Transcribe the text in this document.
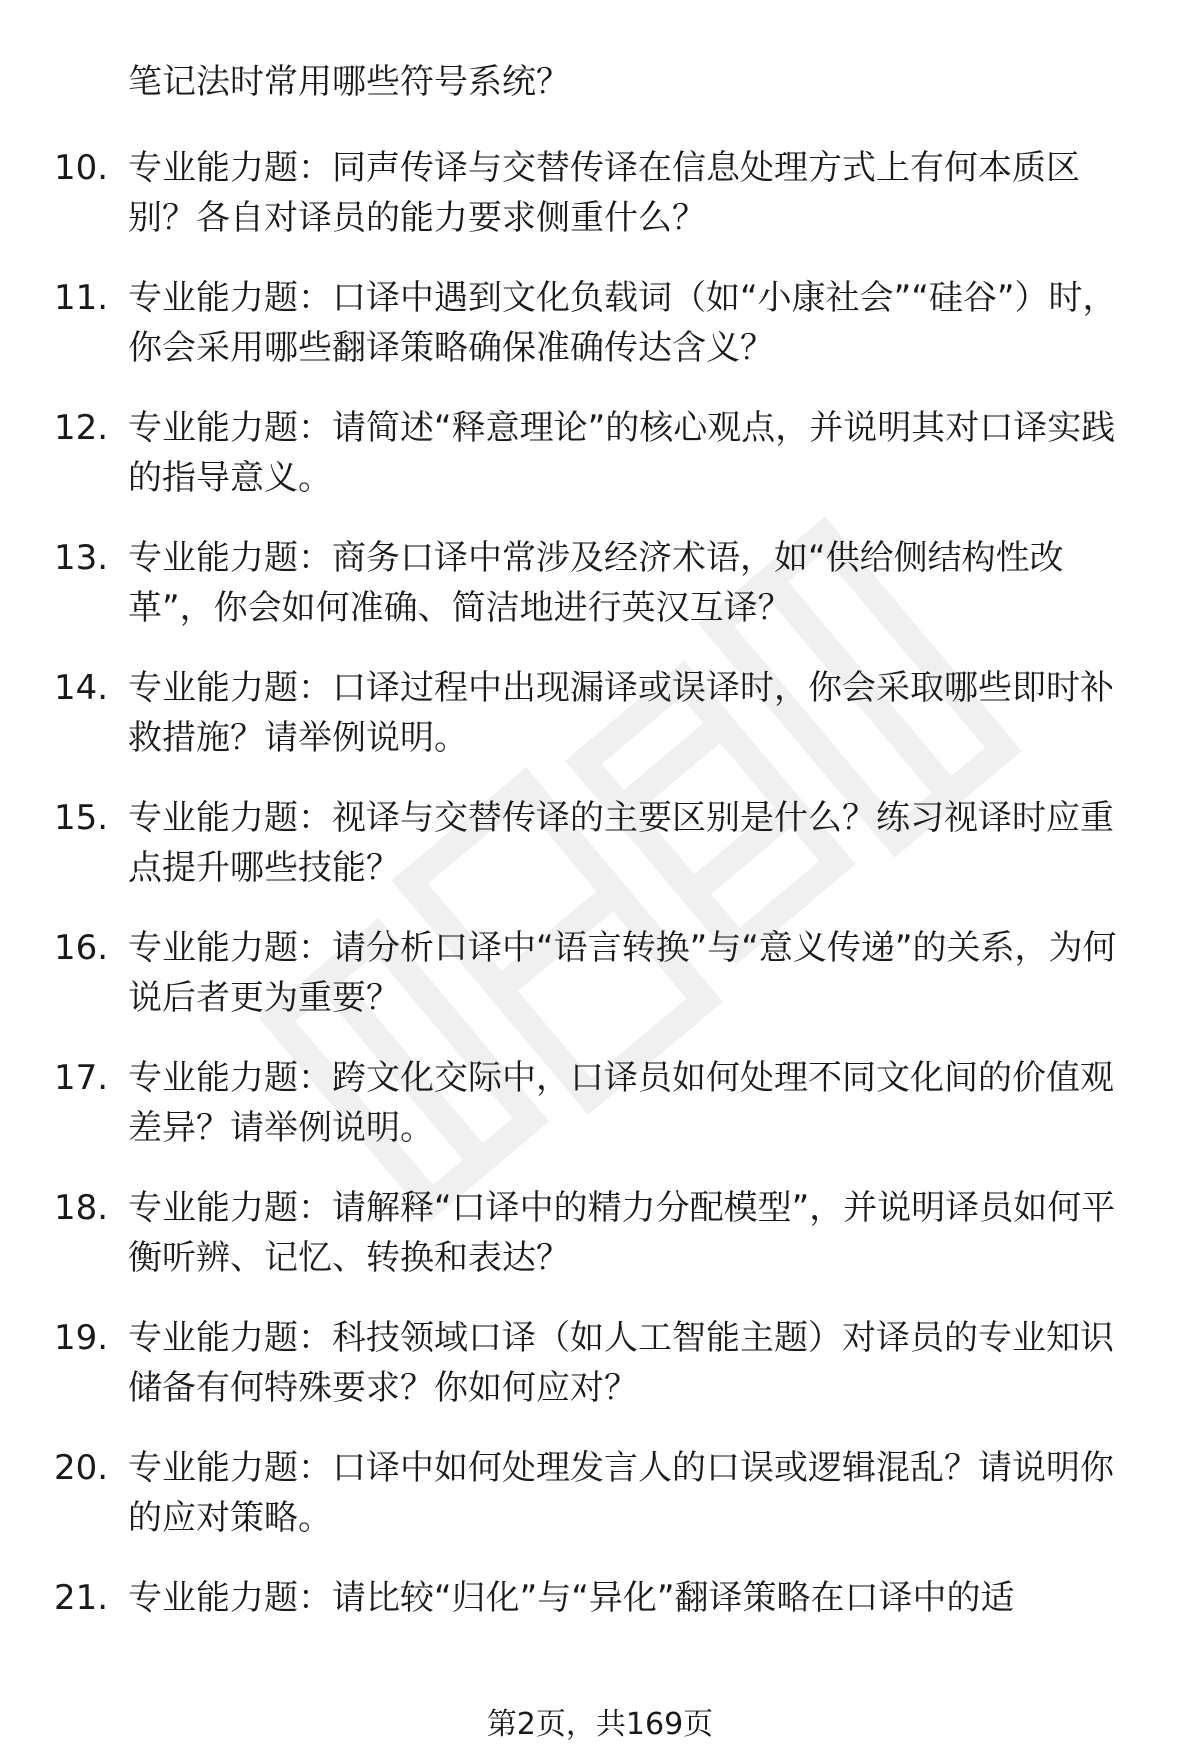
笔记法时常用哪些符号系统？

10. 专业能力题：同声传译与交替传译在信息处理方式上有何本质区别？各自对译员的能力要求侧重什么？

11. 专业能力题：口译中遇到文化负载词（如“小康社会”“硅谷”）时，你会采用哪些翻译策略确保准确传达含义？

12. 专业能力题：请简述“释意理论”的核心观点，并说明其对口译实践的指导意义。

13. 专业能力题：商务口译中常涉及经济术语，如“供给侧结构性改革”，你会如何准确、简洁地进行英汉互译？

14. 专业能力题：口译过程中出现漏译或误译时，你会采取哪些即时补救措施？请举例说明。

15. 专业能力题：视译与交替传译的主要区别是什么？练习视译时应重点提升哪些技能？

16. 专业能力题：请分析口译中“语言转换”与“意义传递”的关系，为何说后者更为重要？

17. 专业能力题：跨文化交际中，口译员如何处理不同文化间的价值观差异？请举例说明。

18. 专业能力题：请解释“口译中的精力分配模型”，并说明译员如何平衡听辨、记忆、转换和表达？

19. 专业能力题：科技领域口译（如人工智能主题）对译员的专业知识储备有何特殊要求？你如何应对？

20. 专业能力题：口译中如何处理发言人的口误或逻辑混乱？请说明你的应对策略。

21. 专业能力题：请比较“归化”与“异化”翻译策略在口译中的适

第2页，共169页
